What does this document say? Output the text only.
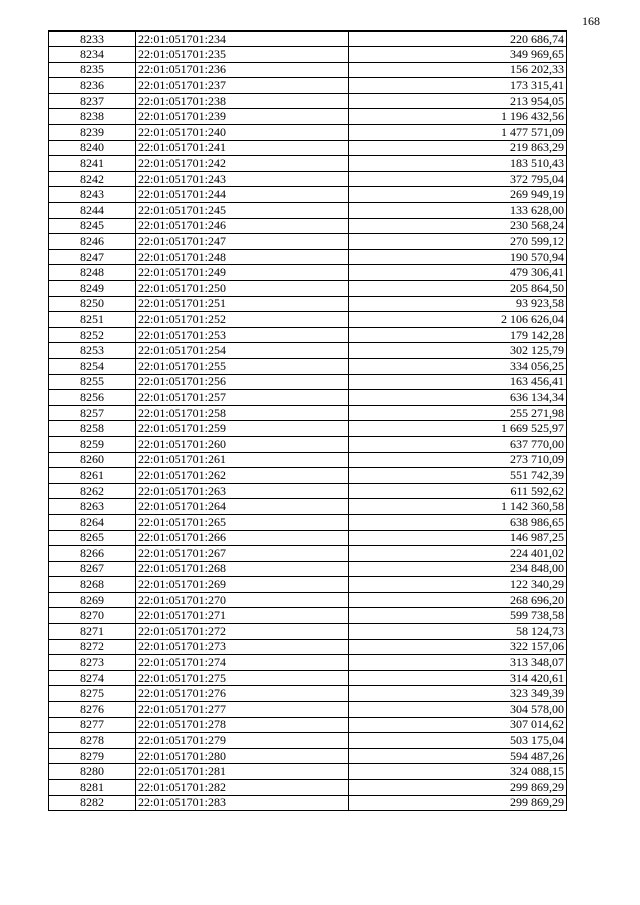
168
8233	22:01:051701:234	220 686,74
8234	22:01:051701:235	349 969,65
8235	22:01:051701:236	156 202,33
8236	22:01:051701:237	173 315,41
8237	22:01:051701:238	213 954,05
8238	22:01:051701:239	1 196 432,56
8239	22:01:051701:240	1 477 571,09
8240	22:01:051701:241	219 863,29
8241	22:01:051701:242	183 510,43
8242	22:01:051701:243	372 795,04
8243	22:01:051701:244	269 949,19
8244	22:01:051701:245	133 628,00
8245	22:01:051701:246	230 568,24
8246	22:01:051701:247	270 599,12
8247	22:01:051701:248	190 570,94
8248	22:01:051701:249	479 306,41
8249	22:01:051701:250	205 864,50
8250	22:01:051701:251	93 923,58
8251	22:01:051701:252	2 106 626,04
8252	22:01:051701:253	179 142,28
8253	22:01:051701:254	302 125,79
8254	22:01:051701:255	334 056,25
8255	22:01:051701:256	163 456,41
8256	22:01:051701:257	636 134,34
8257	22:01:051701:258	255 271,98
8258	22:01:051701:259	1 669 525,97
8259	22:01:051701:260	637 770,00
8260	22:01:051701:261	273 710,09
8261	22:01:051701:262	551 742,39
8262	22:01:051701:263	611 592,62
8263	22:01:051701:264	1 142 360,58
8264	22:01:051701:265	638 986,65
8265	22:01:051701:266	146 987,25
8266	22:01:051701:267	224 401,02
8267	22:01:051701:268	234 848,00
8268	22:01:051701:269	122 340,29
8269	22:01:051701:270	268 696,20
8270	22:01:051701:271	599 738,58
8271	22:01:051701:272	58 124,73
8272	22:01:051701:273	322 157,06
8273	22:01:051701:274	313 348,07
8274	22:01:051701:275	314 420,61
8275	22:01:051701:276	323 349,39
8276	22:01:051701:277	304 578,00
8277	22:01:051701:278	307 014,62
8278	22:01:051701:279	503 175,04
8279	22:01:051701:280	594 487,26
8280	22:01:051701:281	324 088,15
8281	22:01:051701:282	299 869,29
8282	22:01:051701:283	299 869,29
